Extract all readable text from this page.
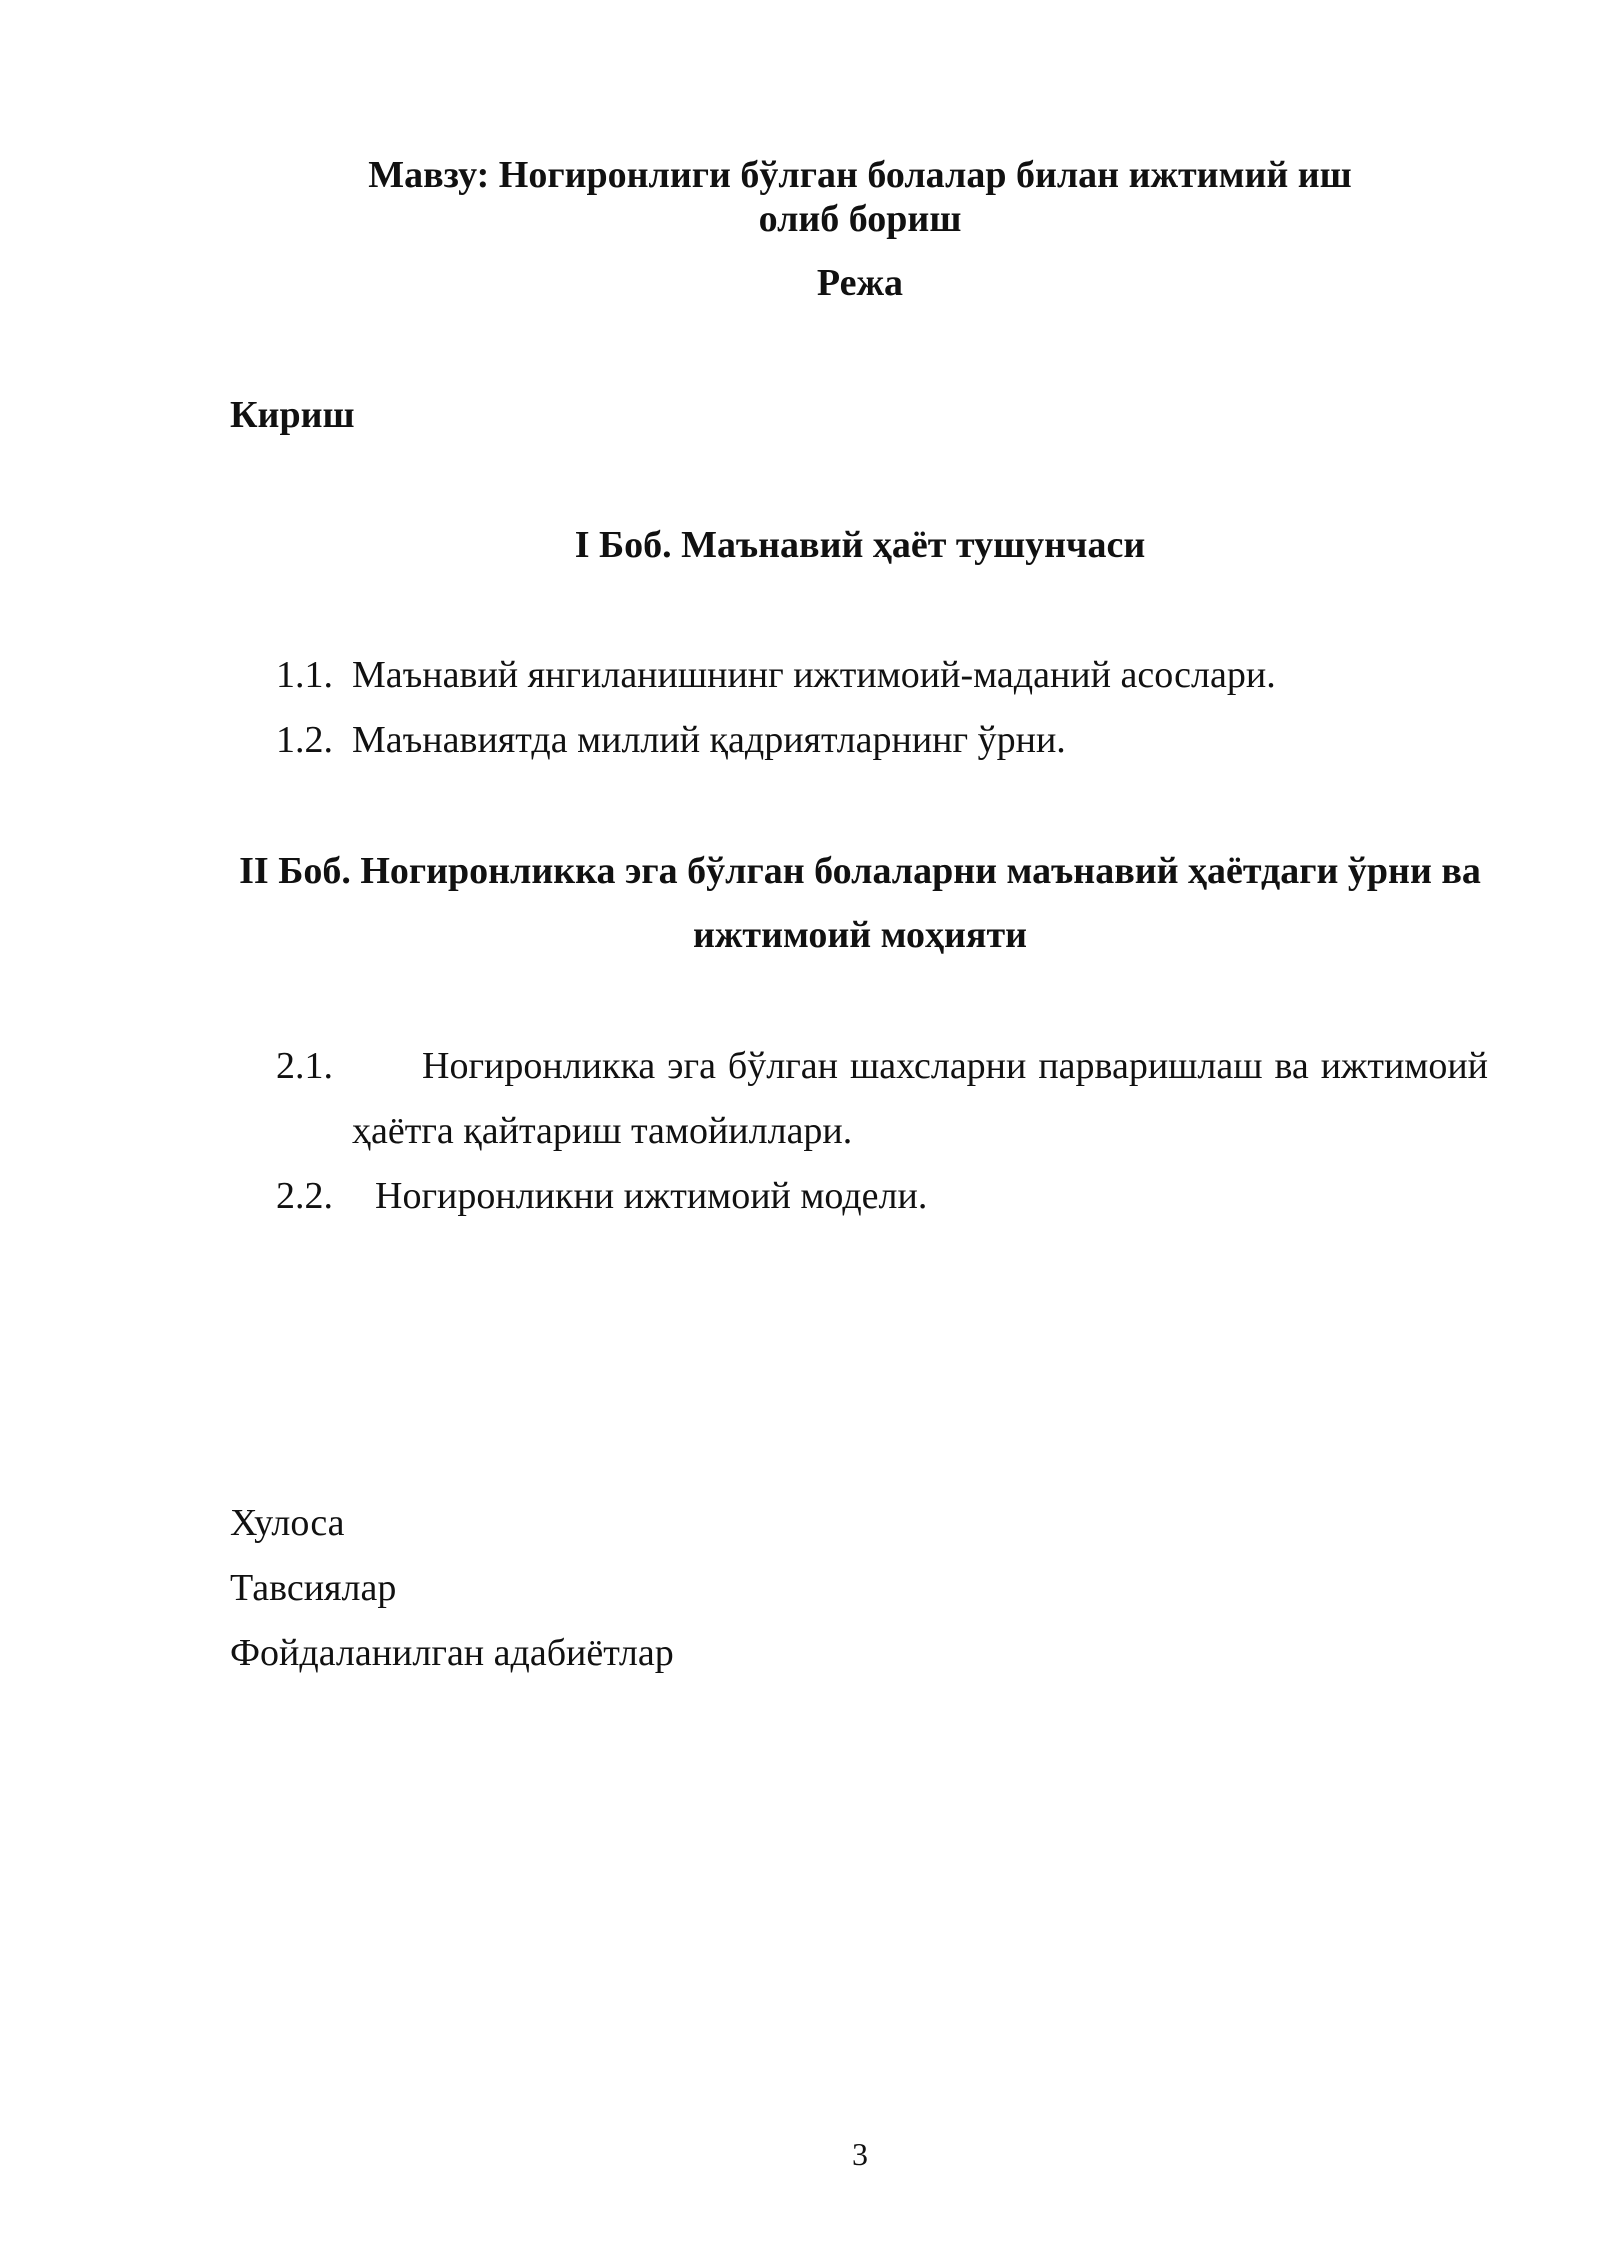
Мавзу: Ногиронлиги бўлган болалар билан ижтимий иш
олиб бориш
Режа
Кириш
I Боб. Маънавий ҳаёт тушунчаси
1.1. Маънавий янгиланишнинг ижтимоий-маданий асослари.
1.2. Маънавиятда миллий қадриятларнинг ўрни.
II Боб. Ногиронликка эга бўлган болаларни маънавий ҳаётдаги ўрни ва
ижтимоий моҳияти
2.1. Ногиронликка эга бўлган шахсларни парваришлаш ва ижтимоий
ҳаётга қайтариш тамойиллари.
2.2. Ногиронликни ижтимоий модели.
Хулоса
Тавсиялар
Фойдаланилган адабиётлар
3
